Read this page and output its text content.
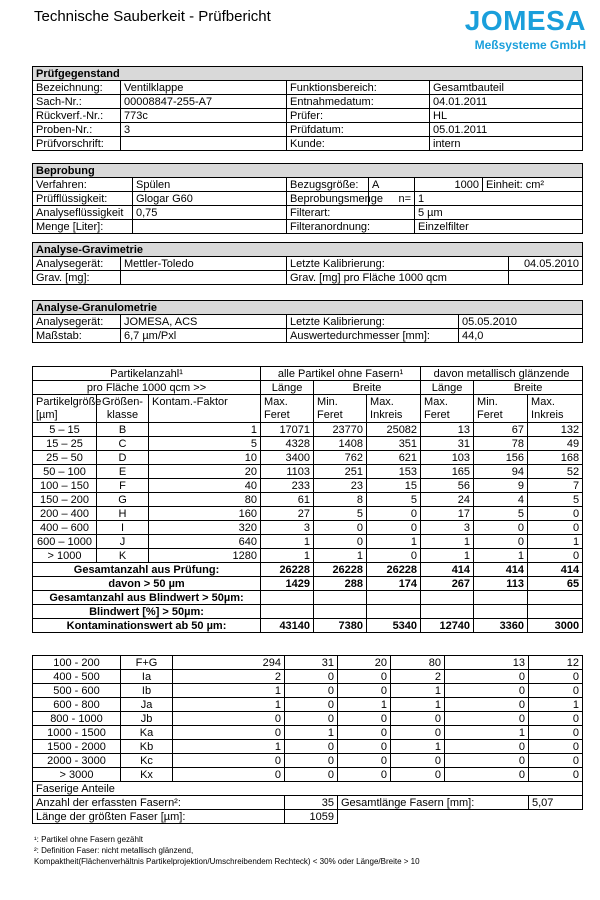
Technische Sauberkeit - Prüfbericht	JOMESA
Meßsysteme GmbH
Prüfgegenstand			
Bezeichnung:	Ventilklappe	Funktionsbereich:	Gesamtbauteil
Sach-Nr.:	00008847-255-A7	Entnahmedatum:	04.01.2011
Rückverf.-Nr.:	773c	Prüfer:	HL
Proben-Nr.:	3	Prüfdatum:	05.01.2011
Prüfvorschrift:		Kunde:	intern
Beprobung					
Verfahren:	Spülen	Bezugsgröße:	A	1000	Einheit: cm²
Prüfflüssigkeit:	Glogar G60	Beprobungsmenge	n=	1	
Analyseflüssigkeit	0,75	Filterart:		5 µm	
Menge [Liter]:		Filteranordnung:		Einzelfilter	
Analyse-Gravimetrie			
Analysegerät:	Mettler-Toledo	Letzte Kalibrierung:	04.05.2010
Grav. [mg]:		Grav. [mg] pro Fläche 1000 qcm	
Analyse-Granulometrie			
Analysegerät:	JOMESA, ACS	Letzte Kalibrierung:	05.05.2010
Maßstab:	6,7 µm/Pxl	Auswertedurchmesser [mm]:	44,0
Partikelanzahl¹			alle Partikel ohne Fasern¹			davon metallisch glänzende		
pro Fläche 1000 qcm >>			Länge	Breite		Länge	Breite	
Partikelgröße [µm]	Größen-klasse	Kontam.-Faktor	Max. Feret	Min. Feret	Max. Inkreis	Max. Feret	Min. Feret	Max. Inkreis
5 – 15	B	1	17071	23770	25082	13	67	132
15 – 25	C	5	4328	1408	351	31	78	49
25 – 50	D	10	3400	762	621	103	156	168
50 – 100	E	20	1103	251	153	165	94	52
100 – 150	F	40	233	23	15	56	9	7
150 – 200	G	80	61	8	5	24	4	5
200 – 400	H	160	27	5	0	17	5	0
400 – 600	I	320	3	0	0	3	0	0
600 – 1000	J	640	1	0	1	1	0	1
> 1000	K	1280	1	1	0	1	1	0
Gesamtanzahl aus Prüfung:			26228	26228	26228	414	414	414
davon > 50 µm			1429	288	174	267	113	65
Gesamtanzahl aus Blindwert > 50µm:								
Blindwert [%] > 50µm:								
Kontaminationswert ab 50 µm:			43140	7380	5340	12740	3360	3000
100 - 200	F+G	294	31	20	80	13	12
400 - 500	Ia	2	0	0	2	0	0
500 - 600	Ib	1	0	0	1	0	0
600 - 800	Ja	1	0	1	1	0	1
800 - 1000	Jb	0	0	0	0	0	0
1000 - 1500	Ka	0	1	0	0	1	0
1500 - 2000	Kb	1	0	0	1	0	0
2000 - 3000	Kc	0	0	0	0	0	0
> 3000	Kx	0	0	0	0	0	0
Faserige Anteile							
Anzahl der erfassten Fasern²:			35	Gesamtlänge Fasern [mm]:			5,07
Länge der größten Faser [µm]:			1059				
¹: Partikel ohne Fasern gezählt
²: Definition Faser: nicht metallisch glänzend,
Kompaktheit(Flächenverhältnis Partikelprojektion/Umschreibendem Rechteck) < 30% oder Länge/Breite > 10
